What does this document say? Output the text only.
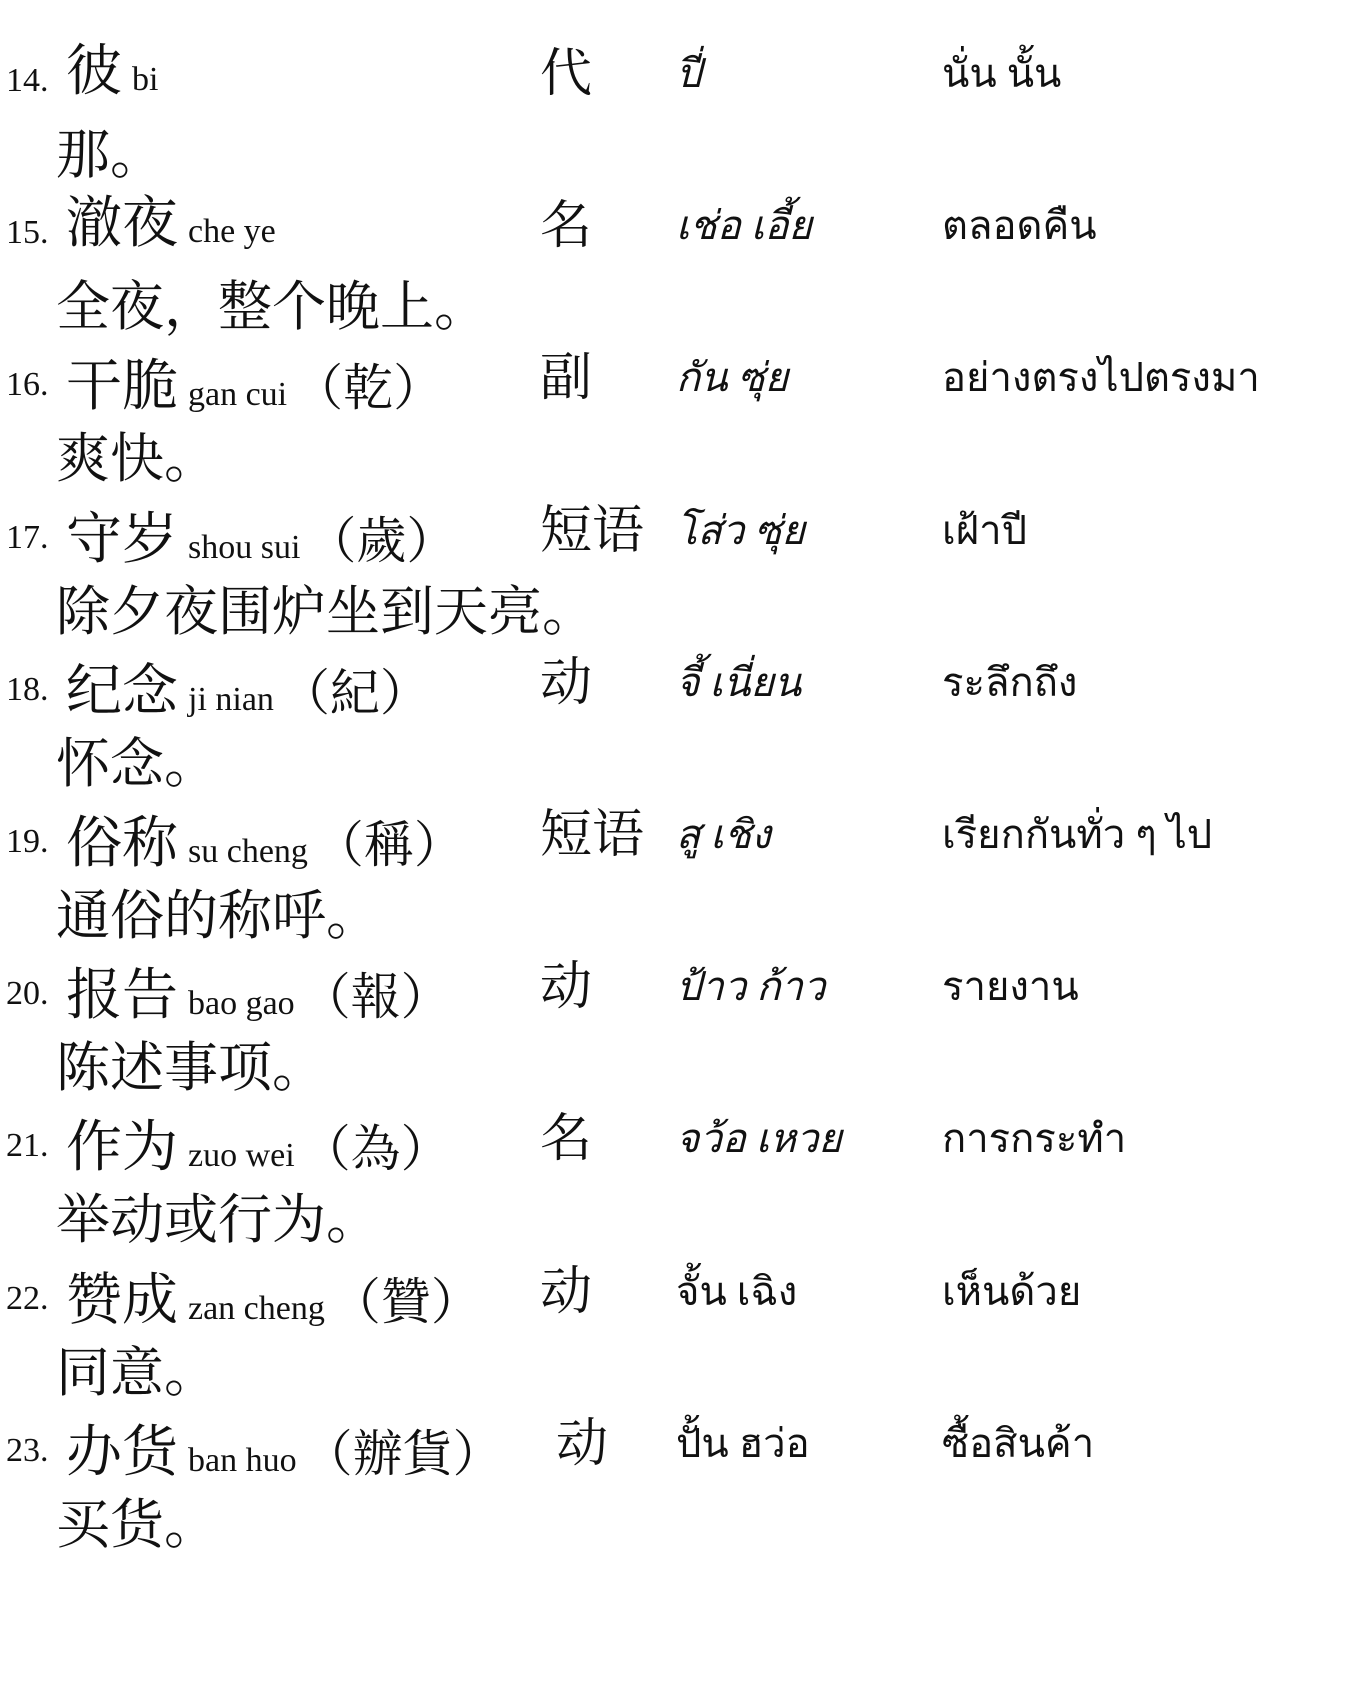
14. 彼bi	代 ปี่	นั่น นั้น
那。
15. 澈夜 che ye	名 เช่อ เอี้ย	ตลอดคืน
全夜，整个晚上。
16. 干脆 gan cui （乾） 副 กัน ซุ่ย	อย่างตรงไปตรงมา
爽快。
17. 守岁 shou sui （歲） 短语 โส่ว ซุ่ย	เฝ้าปี
除夕夜围炉坐到天亮。
18. 纪念 ji nian （紀） 动 จี้ เนี่ยน	ระลึกถึง
怀念。
19. 俗称 su cheng （稱） 短语 สู เชิง	เรียกกันทั่ว ๆ ไป
通俗的称呼。
20. 报告 bao gao （報） 动 ป้าว ก้าว	รายงาน
陈述事项。
21. 作为 zuo wei （為） 名 จว้อ เหวย	การกระทำ
举动或行为。
22. 赞成 zan cheng （贊） 动 จั้น เฉิง	เห็นด้วย
同意。
23. 办货 ban huo （辦貨） 动 ปั้น ฮว่อ	ซื้อสินค้า
买货。
